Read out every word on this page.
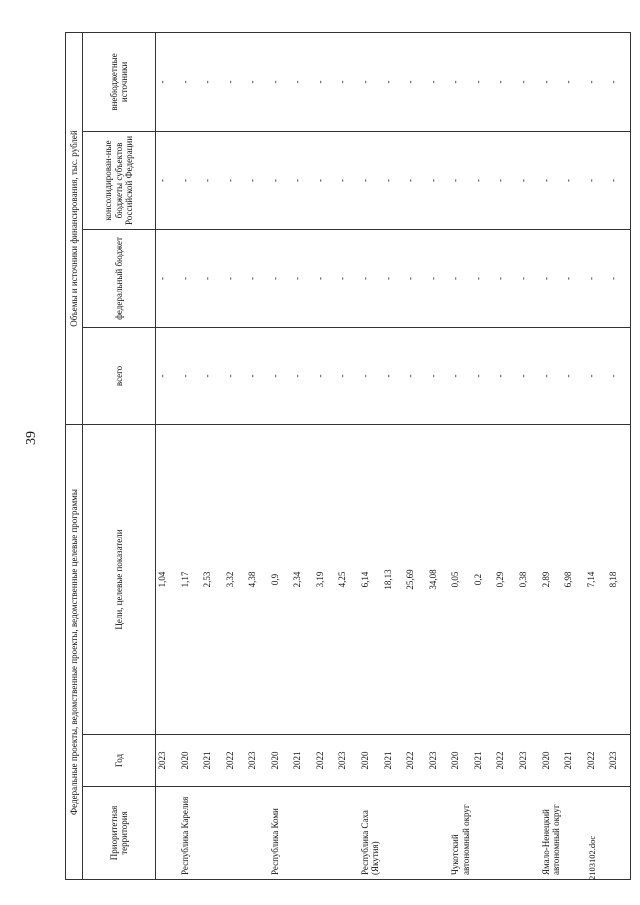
39
Федеральные проекты, ведомственные проекты, ведомственные целевые программы			Объемы и источники финансирования, тыс. рублей			
Приоритетная территория	Год	Цели, целевые показатели	всего	федеральный бюджет	консолидирован-ные бюджеты субъектов Российской Федерации	внебюджетные источники
	2023	1,04	-	-	-	-
Республика Карелия	2020	1,17	-	-	-	-
	2021	2,53	-	-	-	-
	2022	3,32	-	-	-	-
	2023	4,38	-	-	-	-
Республика Коми	2020	0,9	-	-	-	-
	2021	2,34	-	-	-	-
	2022	3,19	-	-	-	-
	2023	4,25	-	-	-	-
Республика Саха (Якутия)	2020	6,14	-	-	-	-
	2021	18,13	-	-	-	-
	2022	25,69	-	-	-	-
	2023	34,08	-	-	-	-
Чукотский автономный округ	2020	0,05	-	-	-	-
	2021	0,2	-	-	-	-
	2022	0,29	-	-	-	-
	2023	0,38	-	-	-	-
Ямало-Ненецкий автономный округ	2020	2,89	-	-	-	-
	2021	6,98	-	-	-	-
	2022	7,14	-	-	-	-
	2023	8,18	-	-	-	-
2103102.doc
